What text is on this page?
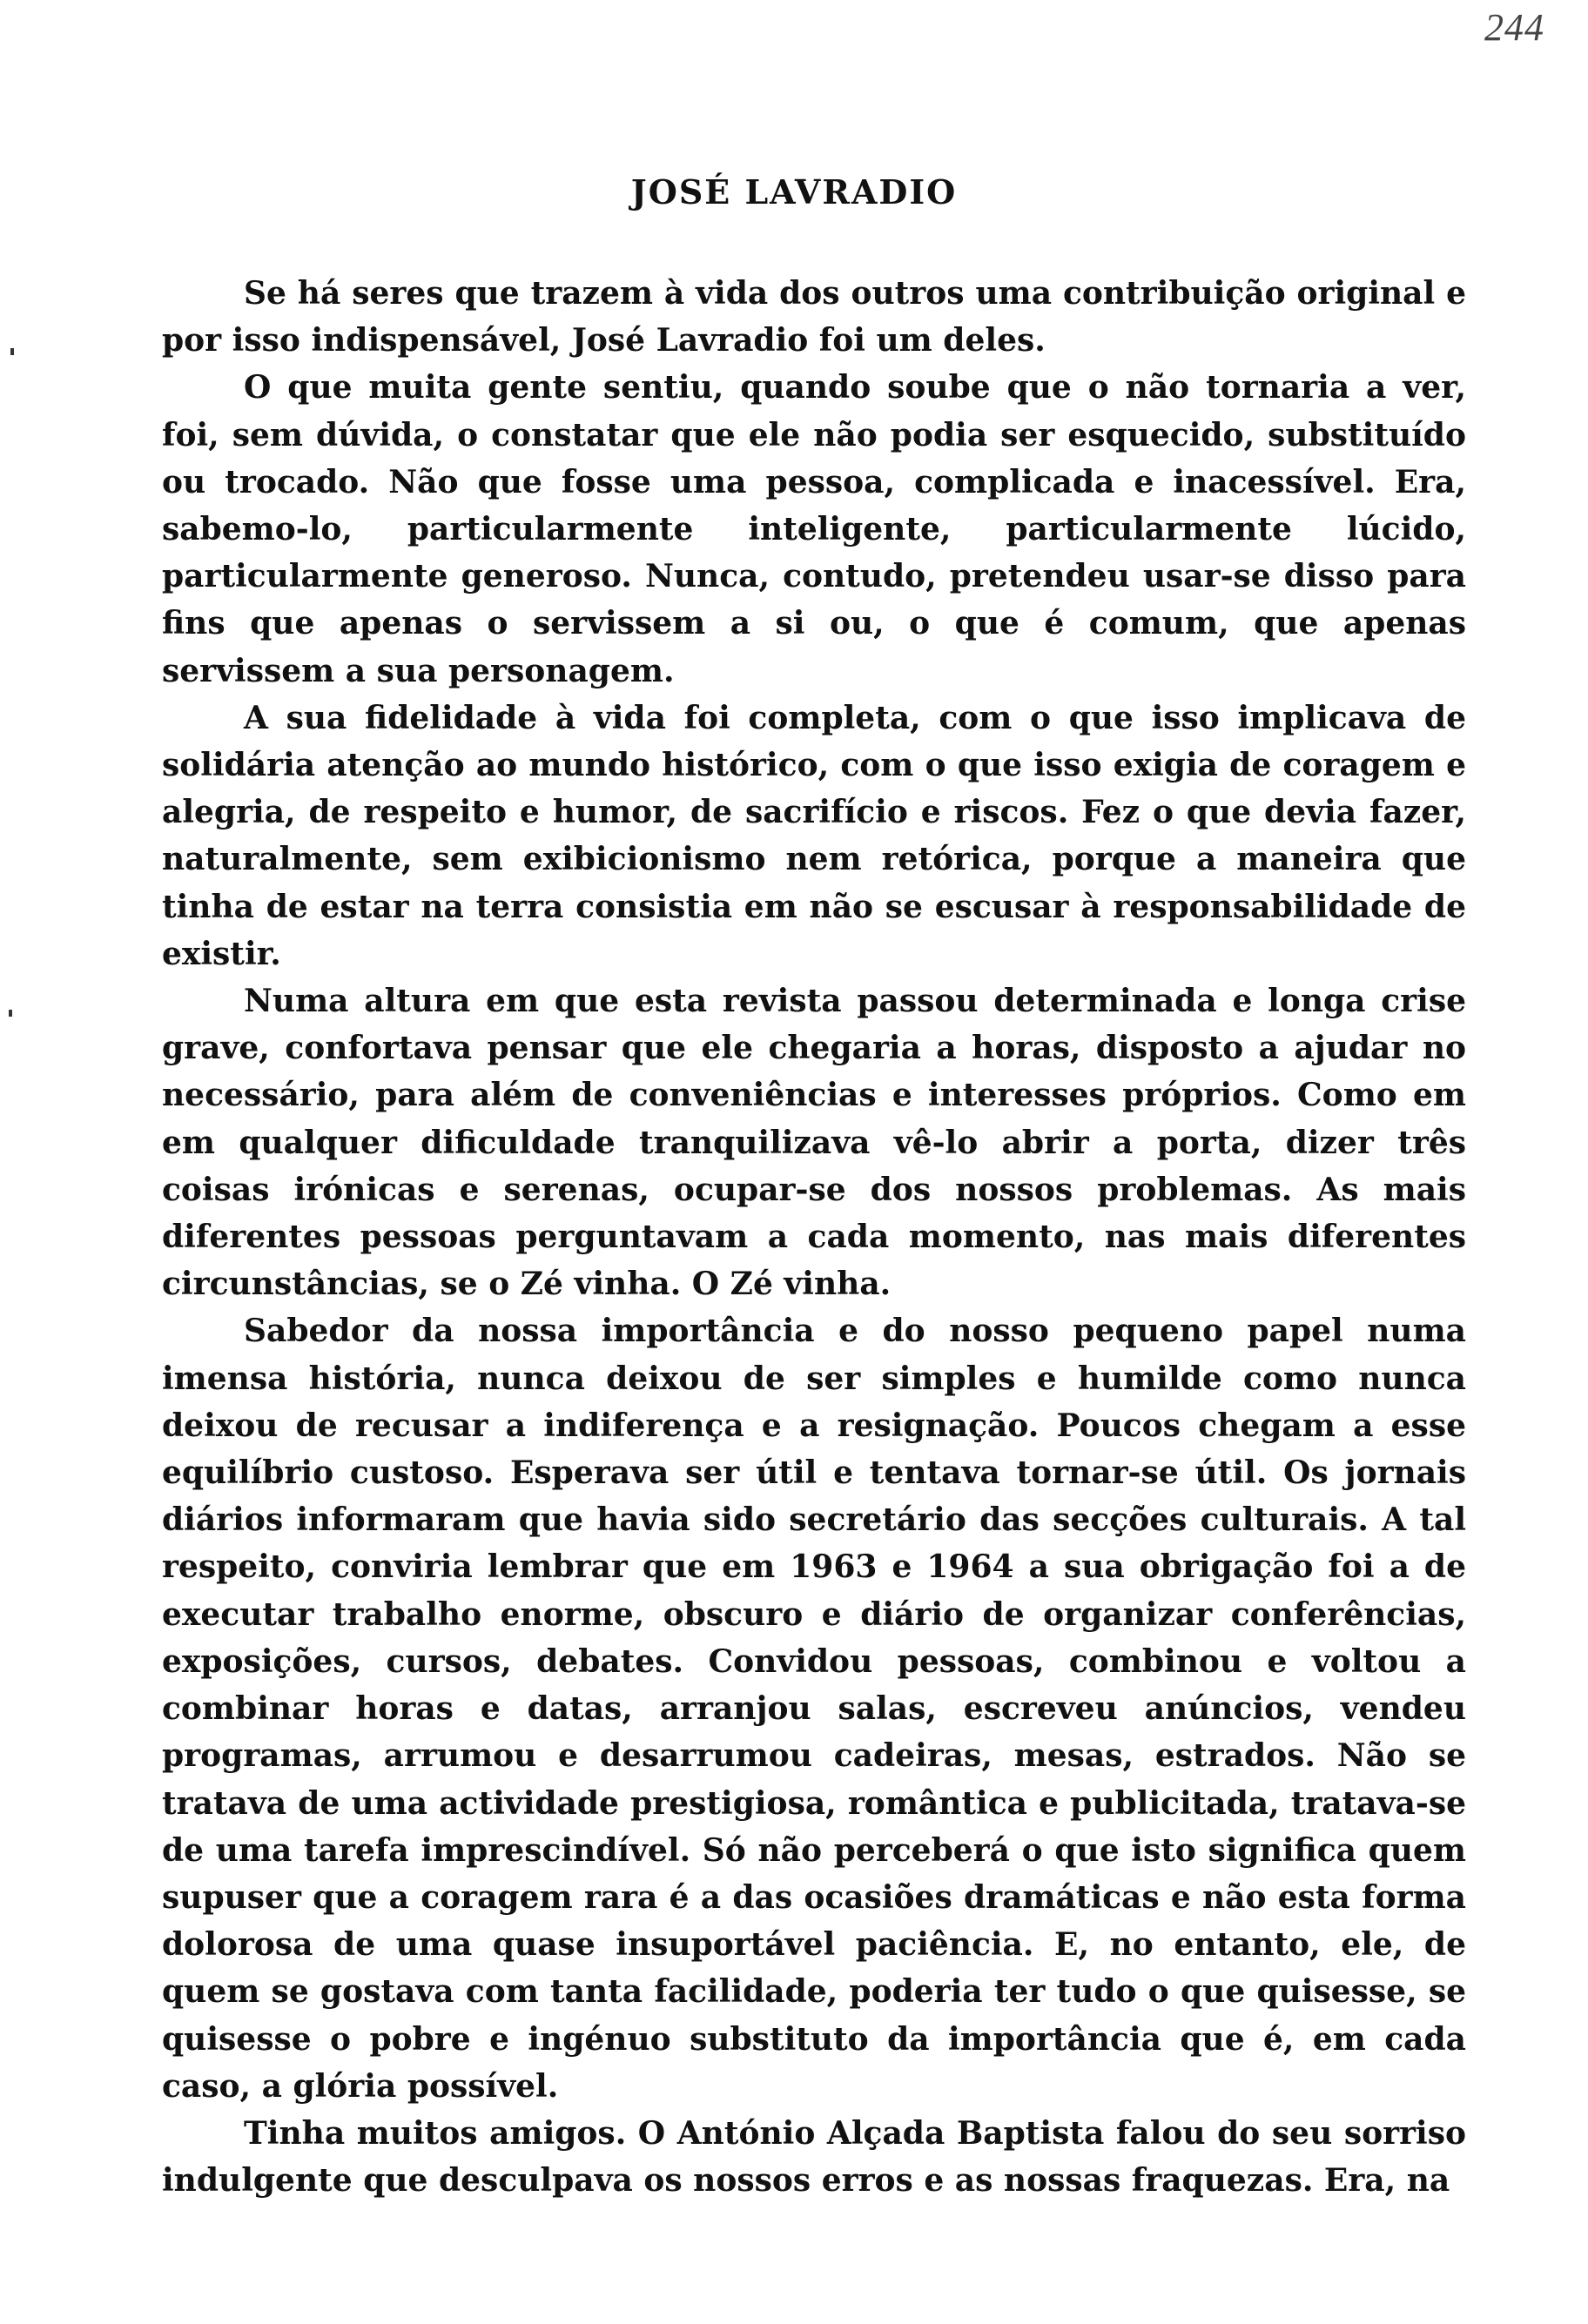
244
JOSÉ LAVRADIO

Se há seres que trazem à vida dos outros uma contribuição original e por isso indispensável, José Lavradio foi um deles.

O que muita gente sentiu, quando soube que o não tornaria a ver, foi, sem dúvida, o constatar que ele não podia ser esquecido, substituído ou trocado. Não que fosse uma pessoa, complicada e inacessível. Era, sabemo-lo, particularmente inteligente, particularmente lúcido, particularmente generoso. Nunca, contudo, pretendeu usar-se disso para fins que apenas o servissem a si ou, o que é comum, que apenas servissem a sua personagem.

A sua fidelidade à vida foi completa, com o que isso implicava de solidária atenção ao mundo histórico, com o que isso exigia de coragem e alegria, de respeito e humor, de sacrifício e riscos. Fez o que devia fazer, naturalmente, sem exibicionismo nem retórica, porque a maneira que tinha de estar na terra consistia em não se escusar à responsabilidade de existir.

Numa altura em que esta revista passou determinada e longa crise grave, confortava pensar que ele chegaria a horas, disposto a ajudar no necessário, para além de conveniências e interesses próprios. Como em em qualquer dificuldade tranquilizava vê-lo abrir a porta, dizer três coisas irónicas e serenas, ocupar-se dos nossos problemas. As mais diferentes pessoas perguntavam a cada momento, nas mais diferentes circunstâncias, se o Zé vinha. O Zé vinha.

Sabedor da nossa importância e do nosso pequeno papel numa imensa história, nunca deixou de ser simples e humilde como nunca deixou de recusar a indiferença e a resignação. Poucos chegam a esse equilíbrio custoso. Esperava ser útil e tentava tornar-se útil. Os jornais diários informaram que havia sido secretário das secções culturais. A tal respeito, conviria lembrar que em 1963 e 1964 a sua obrigação foi a de executar trabalho enorme, obscuro e diário de organizar conferências, exposições, cursos, debates. Convidou pessoas, combinou e voltou a combinar horas e datas, arranjou salas, escreveu anúncios, vendeu programas, arrumou e desarrumou cadeiras, mesas, estrados. Não se tratava de uma actividade prestigiosa, romântica e publicitada, tratava-se de uma tarefa imprescindível. Só não perceberá o que isto significa quem supuser que a coragem rara é a das ocasiões dramáticas e não esta forma dolorosa de uma quase insuportável paciência. E, no entanto, ele, de quem se gostava com tanta facilidade, poderia ter tudo o que quisesse, se quisesse o pobre e ingénuo substituto da importância que é, em cada caso, a glória possível.

Tinha muitos amigos. O António Alçada Baptista falou do seu sorriso indulgente que desculpava os nossos erros e as nossas fraquezas. Era, na
